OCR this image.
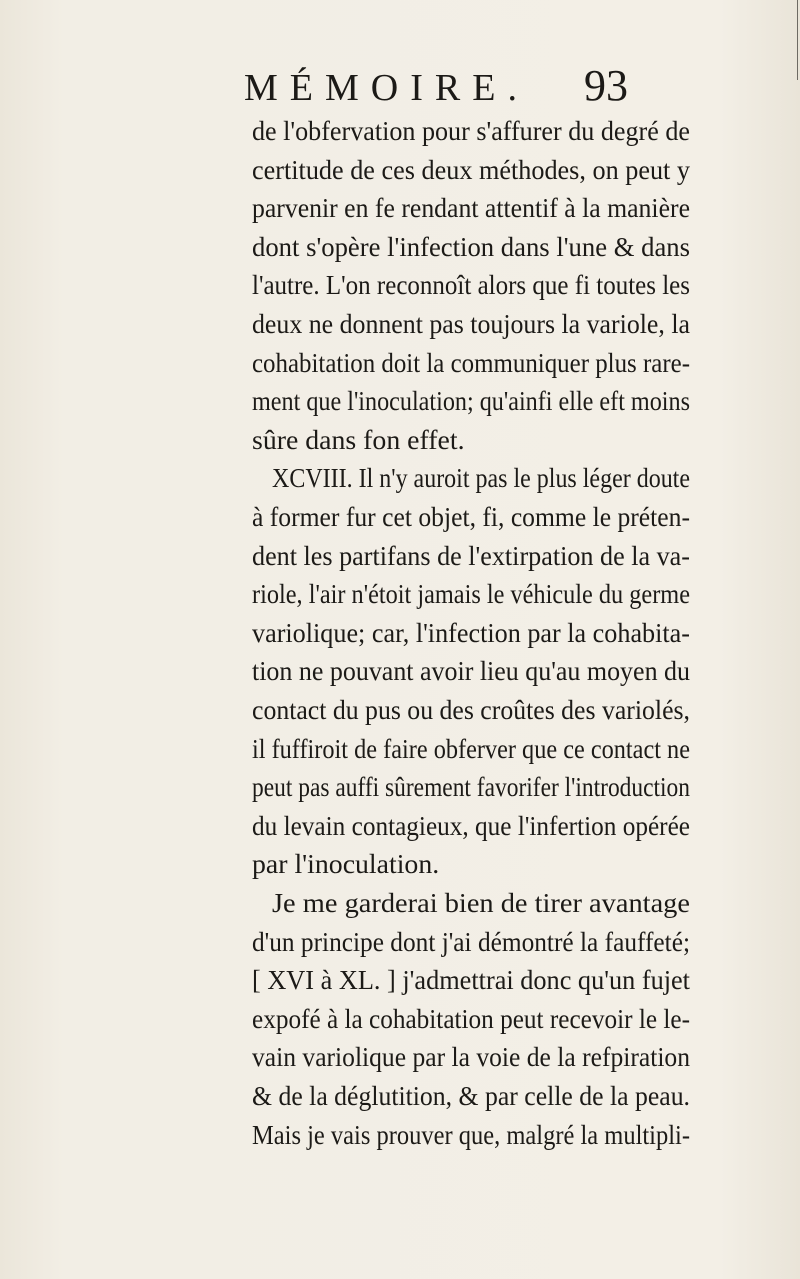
MÉMOIRE. 93
de l'obfervation pour s'affurer du degré de
certitude de ces deux méthodes, on peut y
parvenir en fe rendant attentif à la manière
dont s'opère l'infection dans l'une & dans
l'autre. L'on reconnoît alors que fi toutes les
deux ne donnent pas toujours la variole, la
cohabitation doit la communiquer plus rare-
ment que l'inoculation; qu'ainfi elle eft moins
sûre dans fon effet.
XCVIII. Il n'y auroit pas le plus léger doute
à former fur cet objet, fi, comme le préten-
dent les partifans de l'extirpation de la va-
riole, l'air n'étoit jamais le véhicule du germe
variolique; car, l'infection par la cohabita-
tion ne pouvant avoir lieu qu'au moyen du
contact du pus ou des croûtes des variolés,
il fuffiroit de faire obferver que ce contact ne
peut pas auffi sûrement favorifer l'introduction
du levain contagieux, que l'infertion opérée
par l'inoculation.
Je me garderai bien de tirer avantage
d'un principe dont j'ai démontré la fauffeté;
[ XVI à XL. ] j'admettrai donc qu'un fujet
expofé à la cohabitation peut recevoir le le-
vain variolique par la voie de la refpiration
& de la déglutition, & par celle de la peau.
Mais je vais prouver que, malgré la multipli-
